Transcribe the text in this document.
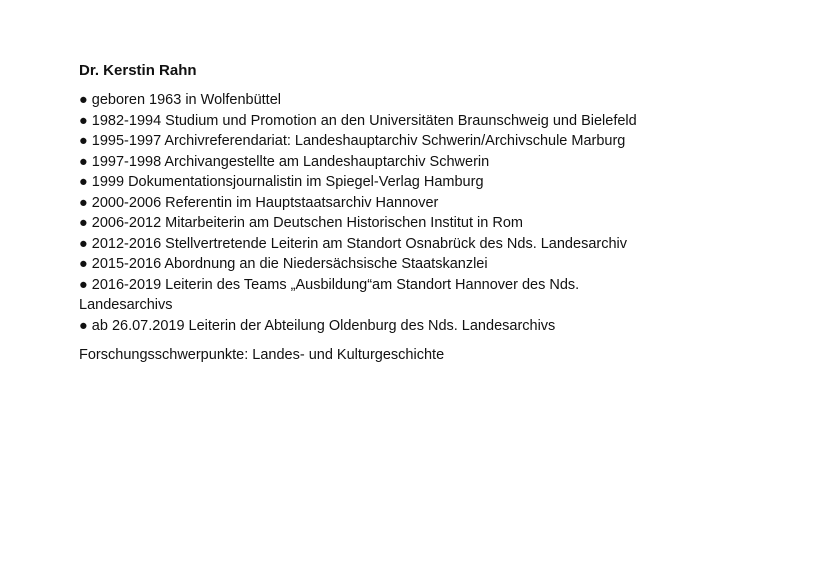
Dr. Kerstin Rahn
● geboren 1963 in Wolfenbüttel
● 1982-1994 Studium und Promotion an den Universitäten Braunschweig und Bielefeld
● 1995-1997 Archivreferendariat: Landeshauptarchiv Schwerin/Archivschule Marburg
● 1997-1998 Archivangestellte am Landeshauptarchiv Schwerin
● 1999 Dokumentationsjournalistin im Spiegel-Verlag Hamburg
● 2000-2006 Referentin im Hauptstaatsarchiv Hannover
● 2006-2012 Mitarbeiterin am Deutschen Historischen Institut in Rom
● 2012-2016 Stellvertretende Leiterin am Standort Osnabrück des Nds. Landesarchiv
● 2015-2016 Abordnung an die Niedersächsische Staatskanzlei
● 2016-2019 Leiterin des Teams „Ausbildung“am Standort Hannover des Nds. Landesarchivs
● ab 26.07.2019 Leiterin der Abteilung Oldenburg des Nds. Landesarchivs
Forschungsschwerpunkte: Landes- und Kulturgeschichte
